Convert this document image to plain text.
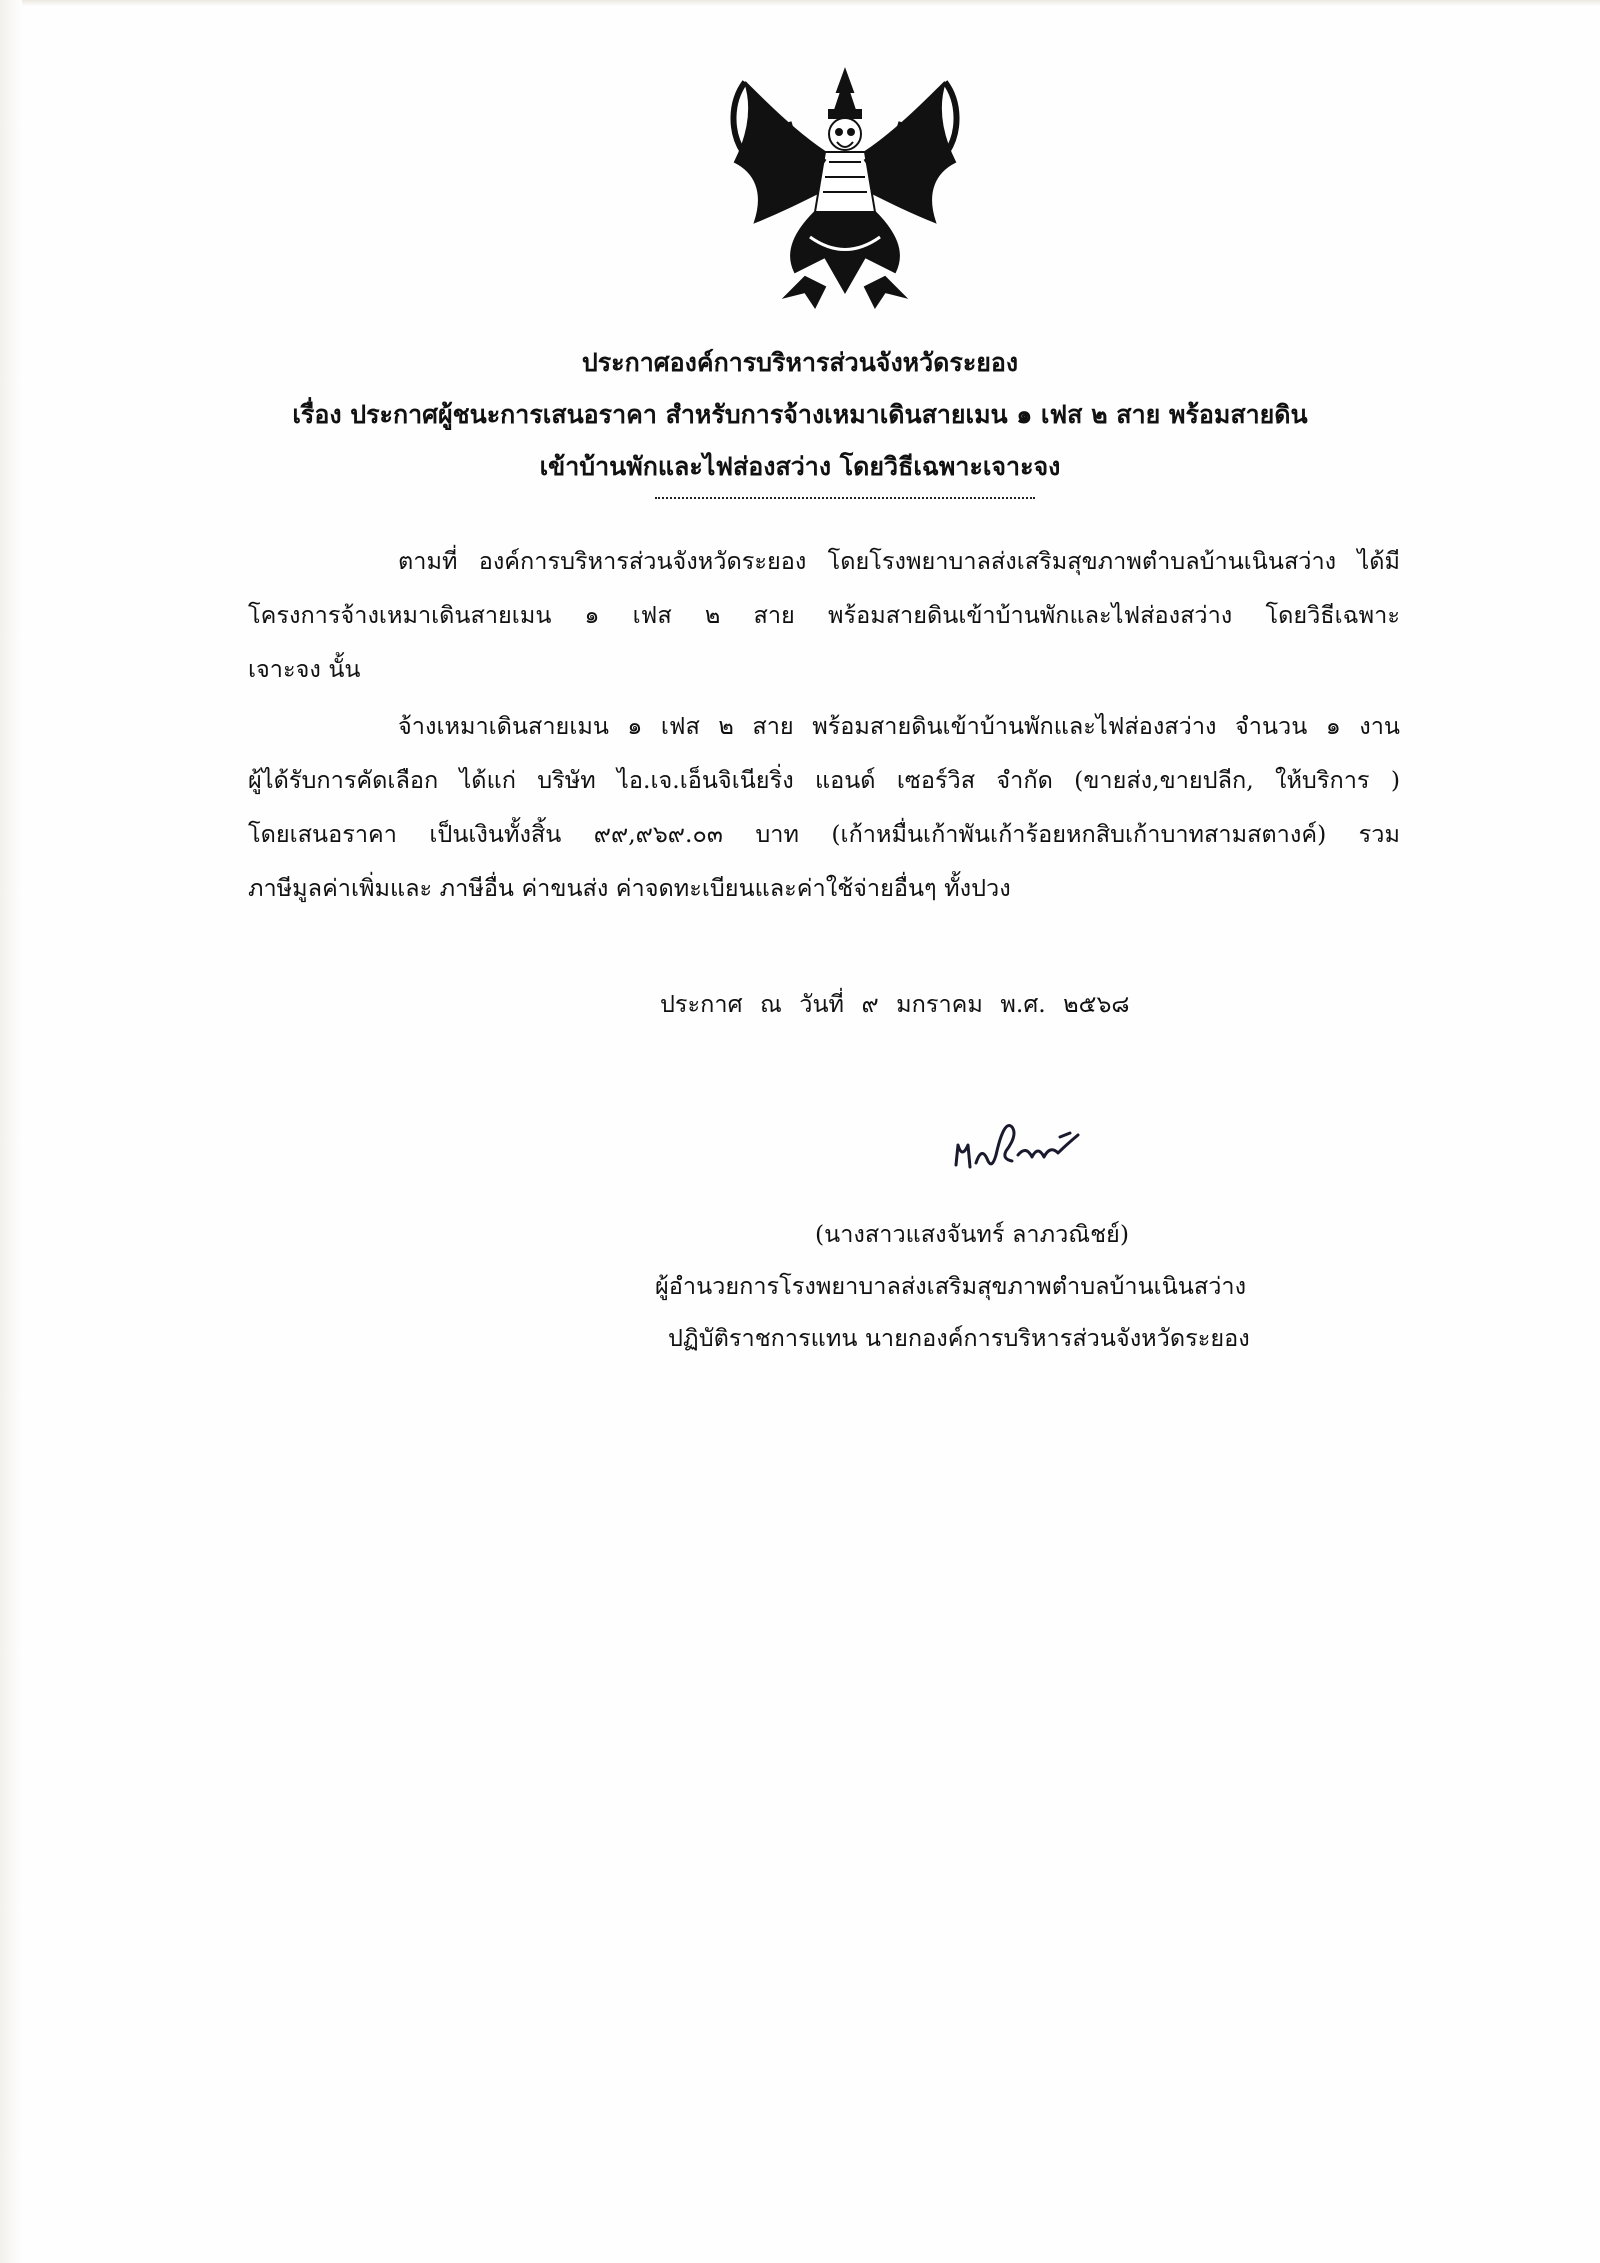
ประกาศองค์การบริหารส่วนจังหวัดระยอง
เรื่อง ประกาศผู้ชนะการเสนอราคา สำหรับการจ้างเหมาเดินสายเมน ๑ เฟส ๒ สาย พร้อมสายดิน
เข้าบ้านพักและไฟส่องสว่าง โดยวิธีเฉพาะเจาะจง
ตามที่ องค์การบริหารส่วนจังหวัดระยอง โดยโรงพยาบาลส่งเสริมสุขภาพตำบลบ้านเนินสว่าง ได้มี
โครงการจ้างเหมาเดินสายเมน ๑ เฟส ๒ สาย พร้อมสายดินเข้าบ้านพักและไฟส่องสว่าง โดยวิธีเฉพาะ
เจาะจง นั้น
จ้างเหมาเดินสายเมน ๑ เฟส ๒ สาย พร้อมสายดินเข้าบ้านพักและไฟส่องสว่าง จำนวน ๑ งาน
ผู้ได้รับการคัดเลือก ได้แก่ บริษัท ไอ.เจ.เอ็นจิเนียริ่ง แอนด์ เซอร์วิส จำกัด (ขายส่ง,ขายปลีก, ให้บริการ )
โดยเสนอราคา เป็นเงินทั้งสิ้น ๙๙,๙๖๙.๐๓ บาท (เก้าหมื่นเก้าพันเก้าร้อยหกสิบเก้าบาทสามสตางค์) รวม
ภาษีมูลค่าเพิ่มและ ภาษีอื่น ค่าขนส่ง ค่าจดทะเบียนและค่าใช้จ่ายอื่นๆ ทั้งปวง
ประกาศ ณ วันที่ ๙ มกราคม พ.ศ. ๒๕๖๘
(นางสาวแสงจันทร์ ลาภวณิชย์)
ผู้อำนวยการโรงพยาบาลส่งเสริมสุขภาพตำบลบ้านเนินสว่าง
ปฏิบัติราชการแทน นายกองค์การบริหารส่วนจังหวัดระยอง
